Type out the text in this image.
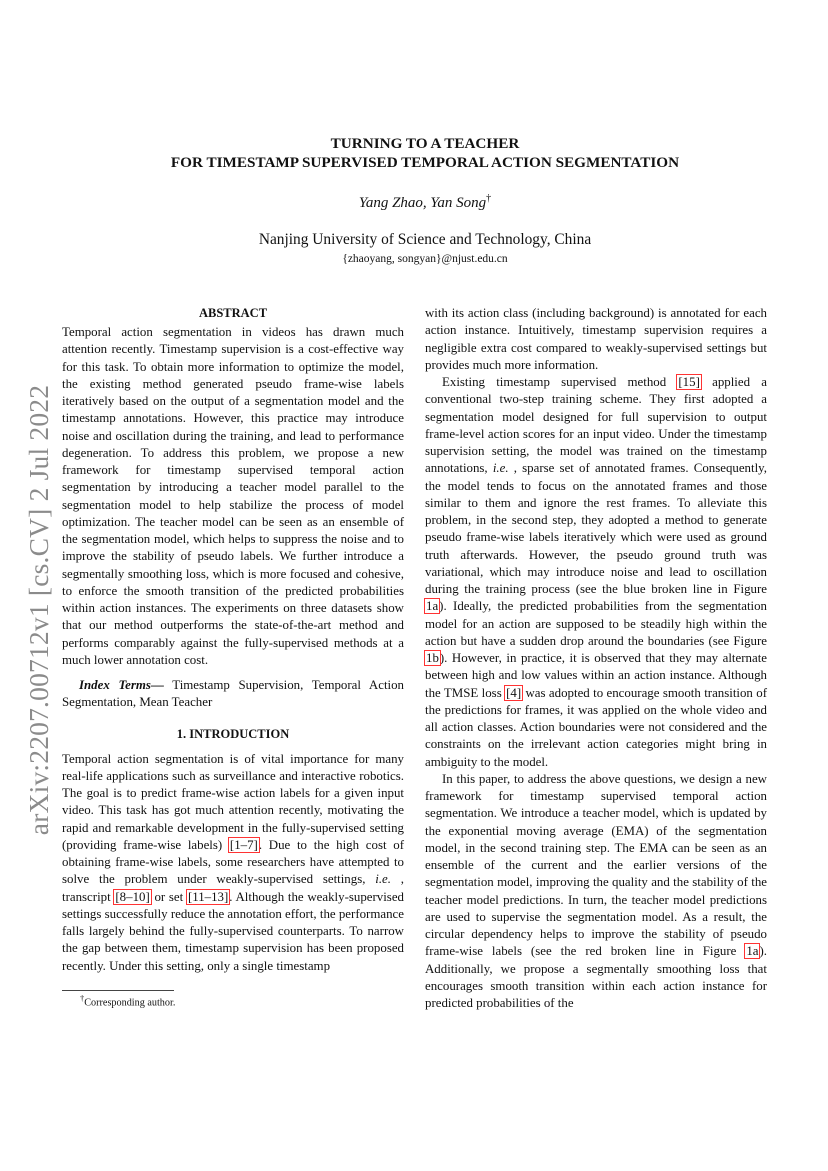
arXiv:2207.00712v1 [cs.CV] 2 Jul 2022
TURNING TO A TEACHER
FOR TIMESTAMP SUPERVISED TEMPORAL ACTION SEGMENTATION
Yang Zhao, Yan Song†
Nanjing University of Science and Technology, China
{zhaoyang, songyan}@njust.edu.cn
ABSTRACT

Temporal action segmentation in videos has drawn much attention recently. Timestamp supervision is a cost-effective way for this task. To obtain more information to optimize the model, the existing method generated pseudo frame-wise labels iteratively based on the output of a segmentation model and the timestamp annotations. However, this practice may introduce noise and oscillation during the training, and lead to performance degeneration. To address this problem, we propose a new framework for timestamp supervised temporal action segmentation by introducing a teacher model parallel to the segmentation model to help stabilize the process of model optimization. The teacher model can be seen as an ensemble of the segmentation model, which helps to suppress the noise and to improve the stability of pseudo labels. We further introduce a segmentally smoothing loss, which is more focused and cohesive, to enforce the smooth transition of the predicted probabilities within action instances. The experiments on three datasets show that our method outperforms the state-of-the-art method and performs comparably against the fully-supervised methods at a much lower annotation cost.

Index Terms— Timestamp Supervision, Temporal Action Segmentation, Mean Teacher

1. INTRODUCTION

Temporal action segmentation is of vital importance for many real-life applications such as surveillance and interactive robotics. The goal is to predict frame-wise action labels for a given input video. This task has got much attention recently, motivating the rapid and remarkable development in the fully-supervised setting (providing frame-wise labels) [1–7]. Due to the high cost of obtaining frame-wise labels, some researchers have attempted to solve the problem under weakly-supervised settings, i.e. , transcript [8–10] or set [11–13]. Although the weakly-supervised settings successfully reduce the annotation effort, the performance falls largely behind the fully-supervised counterparts. To narrow the gap between them, timestamp supervision has been proposed recently. Under this setting, only a single timestamp

†Corresponding author.

with its action class (including background) is annotated for each action instance. Intuitively, timestamp supervision requires a negligible extra cost compared to weakly-supervised settings but provides much more information.

Existing timestamp supervised method [15] applied a conventional two-step training scheme. They first adopted a segmentation model designed for full supervision to output frame-level action scores for an input video. Under the timestamp supervision setting, the model was trained on the timestamp annotations, i.e. , sparse set of annotated frames. Consequently, the model tends to focus on the annotated frames and those similar to them and ignore the rest frames. To alleviate this problem, in the second step, they adopted a method to generate pseudo frame-wise labels iteratively which were used as ground truth afterwards. However, the pseudo ground truth was variational, which may introduce noise and lead to oscillation during the training process (see the blue broken line in Figure 1a). Ideally, the predicted probabilities from the segmentation model for an action are supposed to be steadily high within the action but have a sudden drop around the boundaries (see Figure 1b). However, in practice, it is observed that they may alternate between high and low values within an action instance. Although the TMSE loss [4] was adopted to encourage smooth transition of the predictions for frames, it was applied on the whole video and all action classes. Action boundaries were not considered and the constraints on the irrelevant action categories might bring in ambiguity to the model.

In this paper, to address the above questions, we design a new framework for timestamp supervised temporal action segmentation. We introduce a teacher model, which is updated by the exponential moving average (EMA) of the segmentation model, in the second training step. The EMA can be seen as an ensemble of the current and the earlier versions of the segmentation model, improving the quality and the stability of the teacher model predictions. In turn, the teacher model predictions are used to supervise the segmentation model. As a result, the circular dependency helps to improve the stability of pseudo frame-wise labels (see the red broken line in Figure 1a). Additionally, we propose a segmentally smoothing loss that encourages smooth transition within each action instance for predicted probabilities of the
